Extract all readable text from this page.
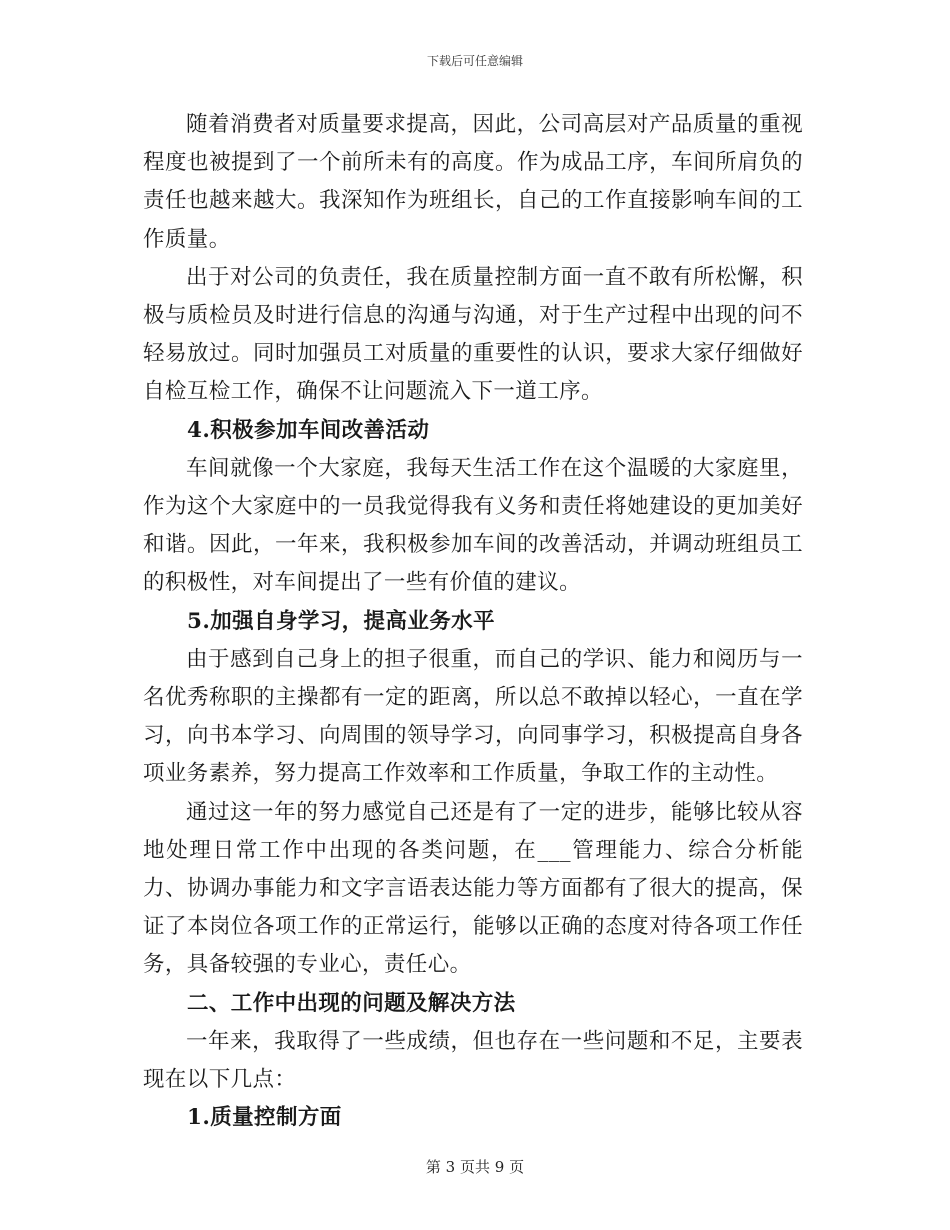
下载后可任意编辑

随着消费者对质量要求提高，因此，公司高层对产品质量的重视程度也被提到了一个前所未有的高度。作为成品工序，车间所肩负的责任也越来越大。我深知作为班组长，自己的工作直接影响车间的工作质量。

出于对公司的负责任，我在质量控制方面一直不敢有所松懈，积极与质检员及时进行信息的沟通与沟通，对于生产过程中出现的问不轻易放过。同时加强员工对质量的重要性的认识，要求大家仔细做好自检互检工作，确保不让问题流入下一道工序。

4.积极参加车间改善活动

车间就像一个大家庭，我每天生活工作在这个温暖的大家庭里，作为这个大家庭中的一员我觉得我有义务和责任将她建设的更加美好和谐。因此，一年来，我积极参加车间的改善活动，并调动班组员工的积极性，对车间提出了一些有价值的建议。

5.加强自身学习，提高业务水平

由于感到自己身上的担子很重，而自己的学识、能力和阅历与一名优秀称职的主操都有一定的距离，所以总不敢掉以轻心，一直在学习，向书本学习、向周围的领导学习，向同事学习，积极提高自身各项业务素养，努力提高工作效率和工作质量，争取工作的主动性。

通过这一年的努力感觉自己还是有了一定的进步，能够比较从容地处理日常工作中出现的各类问题，在___管理能力、综合分析能力、协调办事能力和文字言语表达能力等方面都有了很大的提高，保证了本岗位各项工作的正常运行，能够以正确的态度对待各项工作任务，具备较强的专业心，责任心。

二、工作中出现的问题及解决方法

一年来，我取得了一些成绩，但也存在一些问题和不足，主要表现在以下几点：

1.质量控制方面

第 3 页共 9 页
